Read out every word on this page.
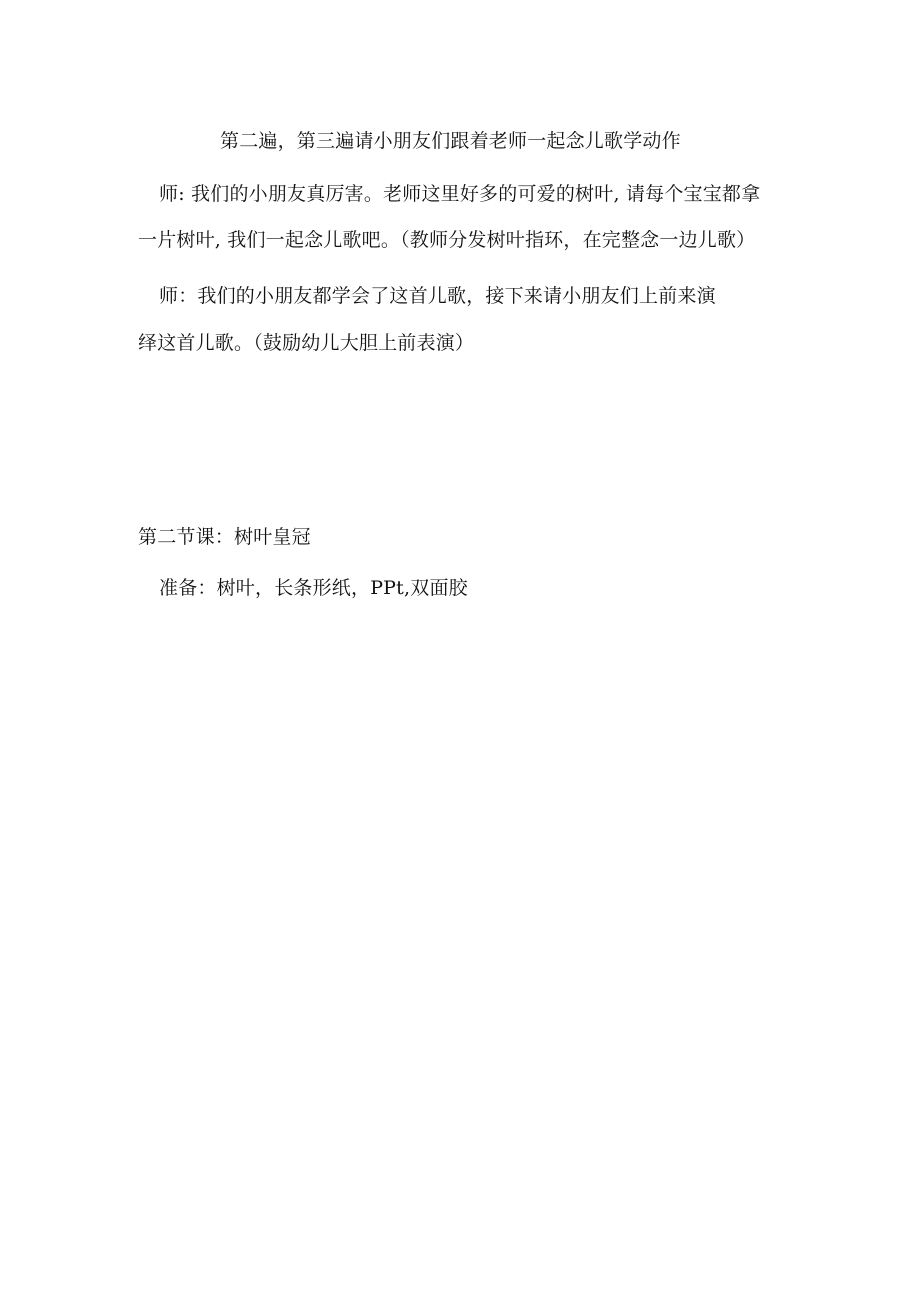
第二遍，第三遍请小朋友们跟着老师一起念儿歌学动作
师: 我们的小朋友真厉害。老师这里好多的可爱的树叶, 请每个宝宝都拿
一片树叶, 我们一起念儿歌吧。（教师分发树叶指环，在完整念一边儿歌）
师：我们的小朋友都学会了这首儿歌，接下来请小朋友们上前来演
绎这首儿歌。（鼓励幼儿大胆上前表演）
第二节课：树叶皇冠
准备：树叶，长条形纸，PPt,双面胶
